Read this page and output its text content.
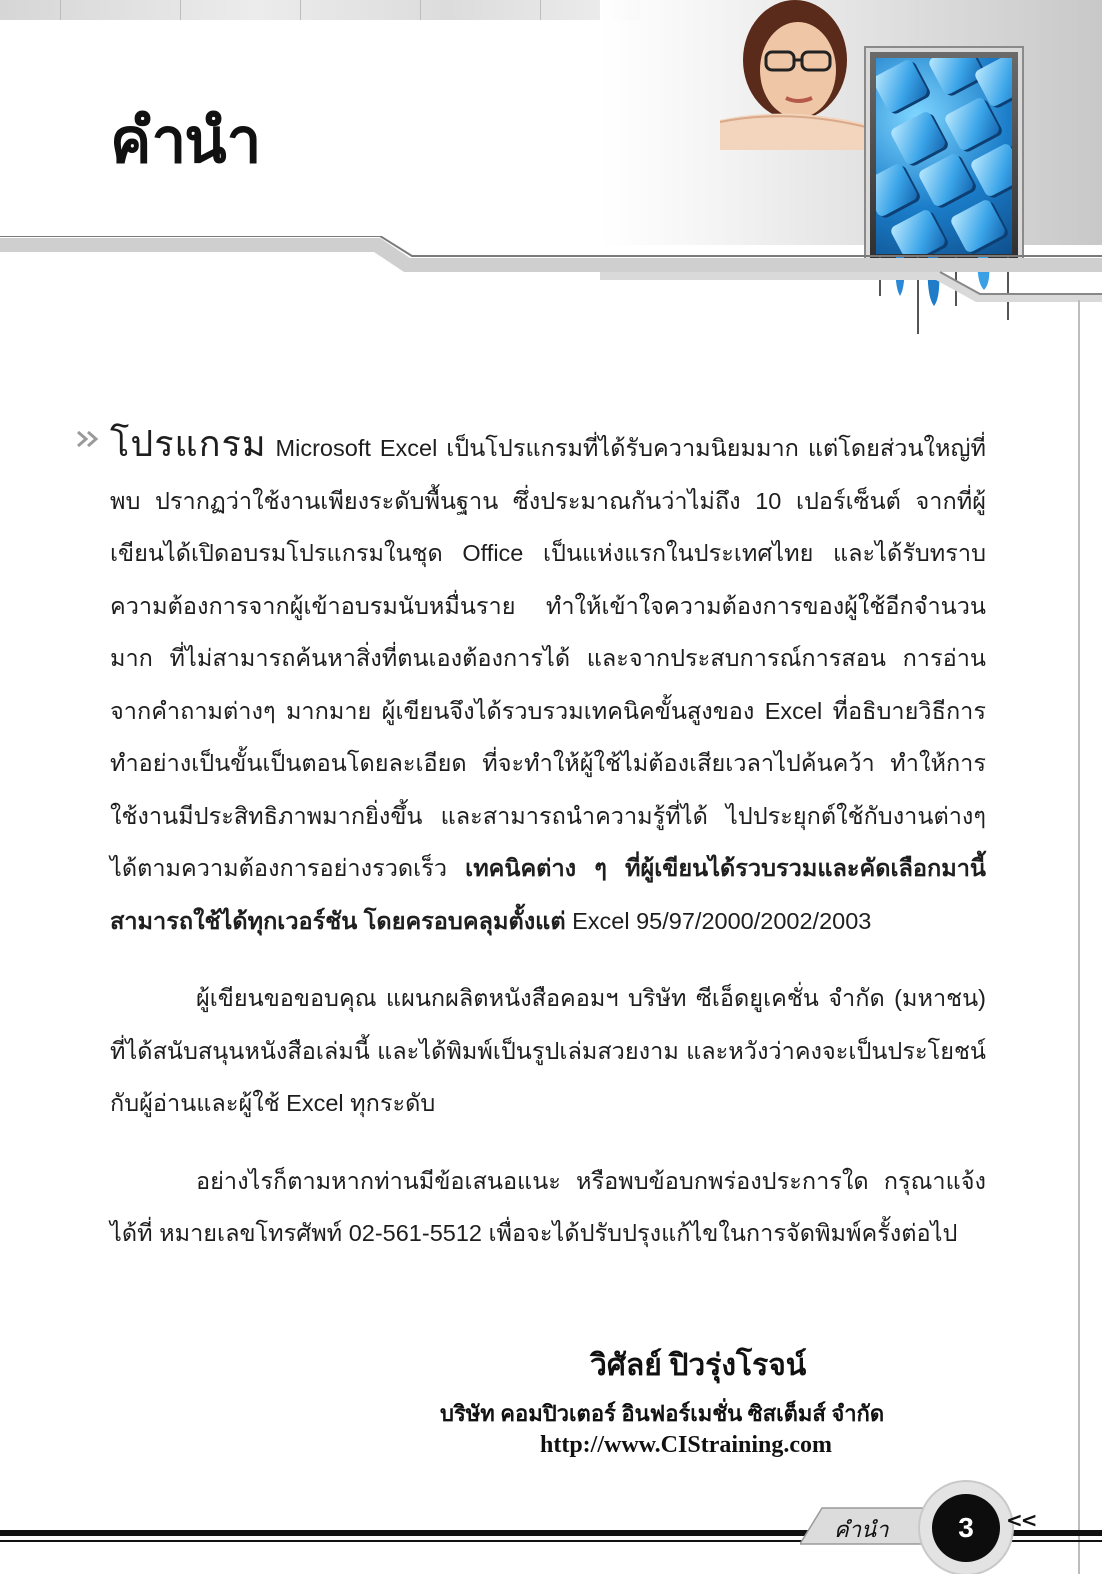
คำนำ

โปรแกรม Microsoft Excel เป็นโปรแกรมที่ได้รับความนิยมมาก แต่โดยส่วนใหญ่ที่พบ ปรากฏว่าใช้งานเพียงระดับพื้นฐาน ซึ่งประมาณกันว่าไม่ถึง 10 เปอร์เซ็นต์ จากที่ผู้เขียนได้เปิดอบรมโปรแกรมในชุด Office เป็นแห่งแรกในประเทศไทย และได้รับทราบความต้องการจากผู้เข้าอบรมนับหมื่นราย ทำให้เข้าใจความต้องการของผู้ใช้อีกจำนวนมาก ที่ไม่สามารถค้นหาสิ่งที่ตนเองต้องการได้ และจากประสบการณ์การสอน การอ่าน จากคำถามต่างๆ มากมาย ผู้เขียนจึงได้รวบรวมเทคนิคขั้นสูงของ Excel ที่อธิบายวิธีการทำอย่างเป็นขั้นเป็นตอนโดยละเอียด ที่จะทำให้ผู้ใช้ไม่ต้องเสียเวลาไปค้นคว้า ทำให้การใช้งานมีประสิทธิภาพมากยิ่งขึ้น และสามารถนำความรู้ที่ได้ ไปประยุกต์ใช้กับงานต่างๆ ได้ตามความต้องการอย่างรวดเร็ว เทคนิคต่าง ๆ ที่ผู้เขียนได้รวบรวมและคัดเลือกมานี้ สามารถใช้ได้ทุกเวอร์ชัน โดยครอบคลุมตั้งแต่ Excel 95/97/2000/2002/2003

ผู้เขียนขอขอบคุณ แผนกผลิตหนังสือคอมฯ บริษัท ซีเอ็ดยูเคชั่น จำกัด (มหาชน) ที่ได้สนับสนุนหนังสือเล่มนี้ และได้พิมพ์เป็นรูปเล่มสวยงาม และหวังว่าคงจะเป็นประโยชน์กับผู้อ่านและผู้ใช้ Excel ทุกระดับ

อย่างไรก็ตามหากท่านมีข้อเสนอแนะ หรือพบข้อบกพร่องประการใด กรุณาแจ้งได้ที่ หมายเลขโทรศัพท์ 02-561-5512 เพื่อจะได้ปรับปรุงแก้ไขในการจัดพิมพ์ครั้งต่อไป

วิศัลย์ ปิวรุ่งโรจน์
บริษัท คอมปิวเตอร์ อินฟอร์เมชั่น ซิสเต็มส์ จำกัด
http://www.CIStraining.com
คำนำ	3	<<
